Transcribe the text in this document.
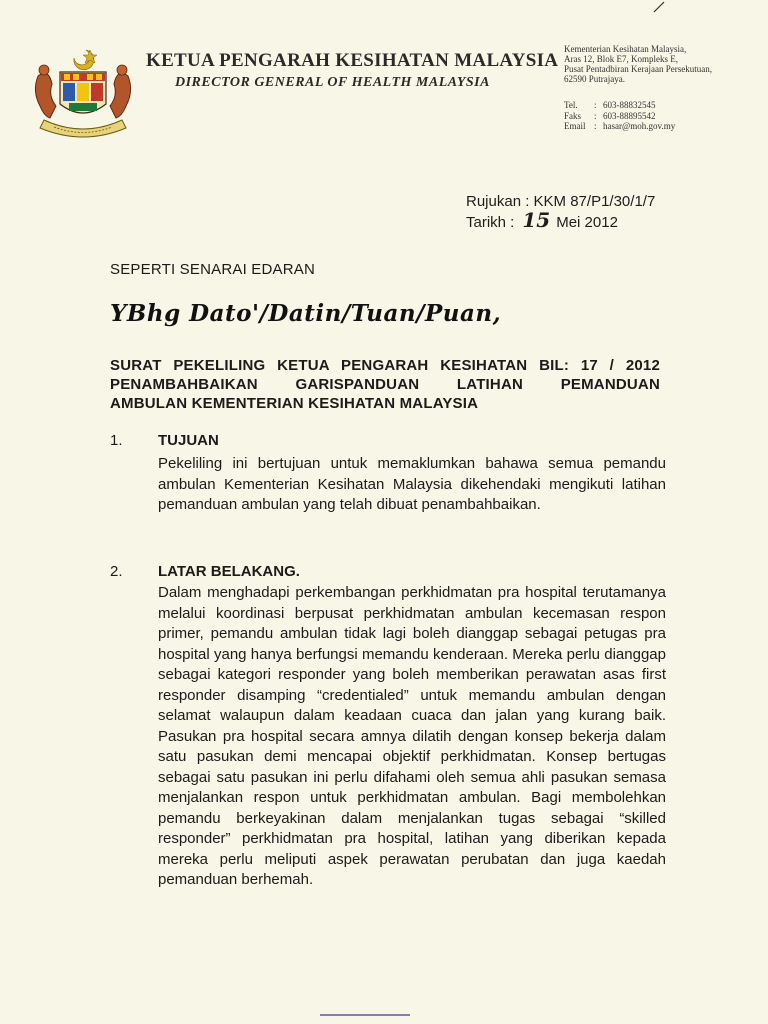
KETUA PENGARAH KESIHATAN MALAYSIA
DIRECTOR GENERAL OF HEALTH MALAYSIA
Kementerian Kesihatan Malaysia,
Aras 12, Blok E7, Kompleks E,
Pusat Pentadbiran Kerajaan Persekutuan,
62590 Putrajaya.
Tel.	: 603-88832545
Faks	: 603-88895542
Email : hasar@moh.gov.my
Rujukan :
KKM 87/P1/30/1/7
Tarikh : 15 Mei 2012
SEPERTI SENARAI EDARAN
YBhg Dato'/Datin/Tuan/Puan,
SURAT PEKELILING KETUA PENGARAH KESIHATAN BIL: 17 / 2012
PENAMBAHBAIKAN GARISPANDUAN LATIHAN PEMANDUAN
AMBULAN KEMENTERIAN KESIHATAN MALAYSIA
1.	TUJUAN
Pekeliling ini bertujuan untuk memaklumkan bahawa semua pemandu ambulan Kementerian Kesihatan Malaysia dikehendaki mengikuti latihan pemanduan ambulan yang telah dibuat penambahbaikan.
2.	LATAR BELAKANG.
Dalam menghadapi perkembangan perkhidmatan pra hospital terutamanya melalui koordinasi berpusat perkhidmatan ambulan kecemasan respon primer, pemandu ambulan tidak lagi boleh dianggap sebagai petugas pra hospital yang hanya berfungsi memandu kenderaan. Mereka perlu dianggap sebagai kategori responder yang boleh memberikan perawatan asas first responder disamping “credentialed” untuk memandu ambulan dengan selamat walaupun dalam keadaan cuaca dan jalan yang kurang baik. Pasukan pra hospital secara amnya dilatih dengan konsep bekerja dalam satu pasukan demi mencapai objektif perkhidmatan. Konsep bertugas sebagai satu pasukan ini perlu difahami oleh semua ahli pasukan semasa menjalankan respon untuk perkhidmatan ambulan. Bagi membolehkan pemandu berkeyakinan dalam menjalankan tugas sebagai “skilled responder” perkhidmatan pra hospital, latihan yang diberikan kepada mereka perlu meliputi aspek perawatan perubatan dan juga kaedah pemanduan berhemah.
